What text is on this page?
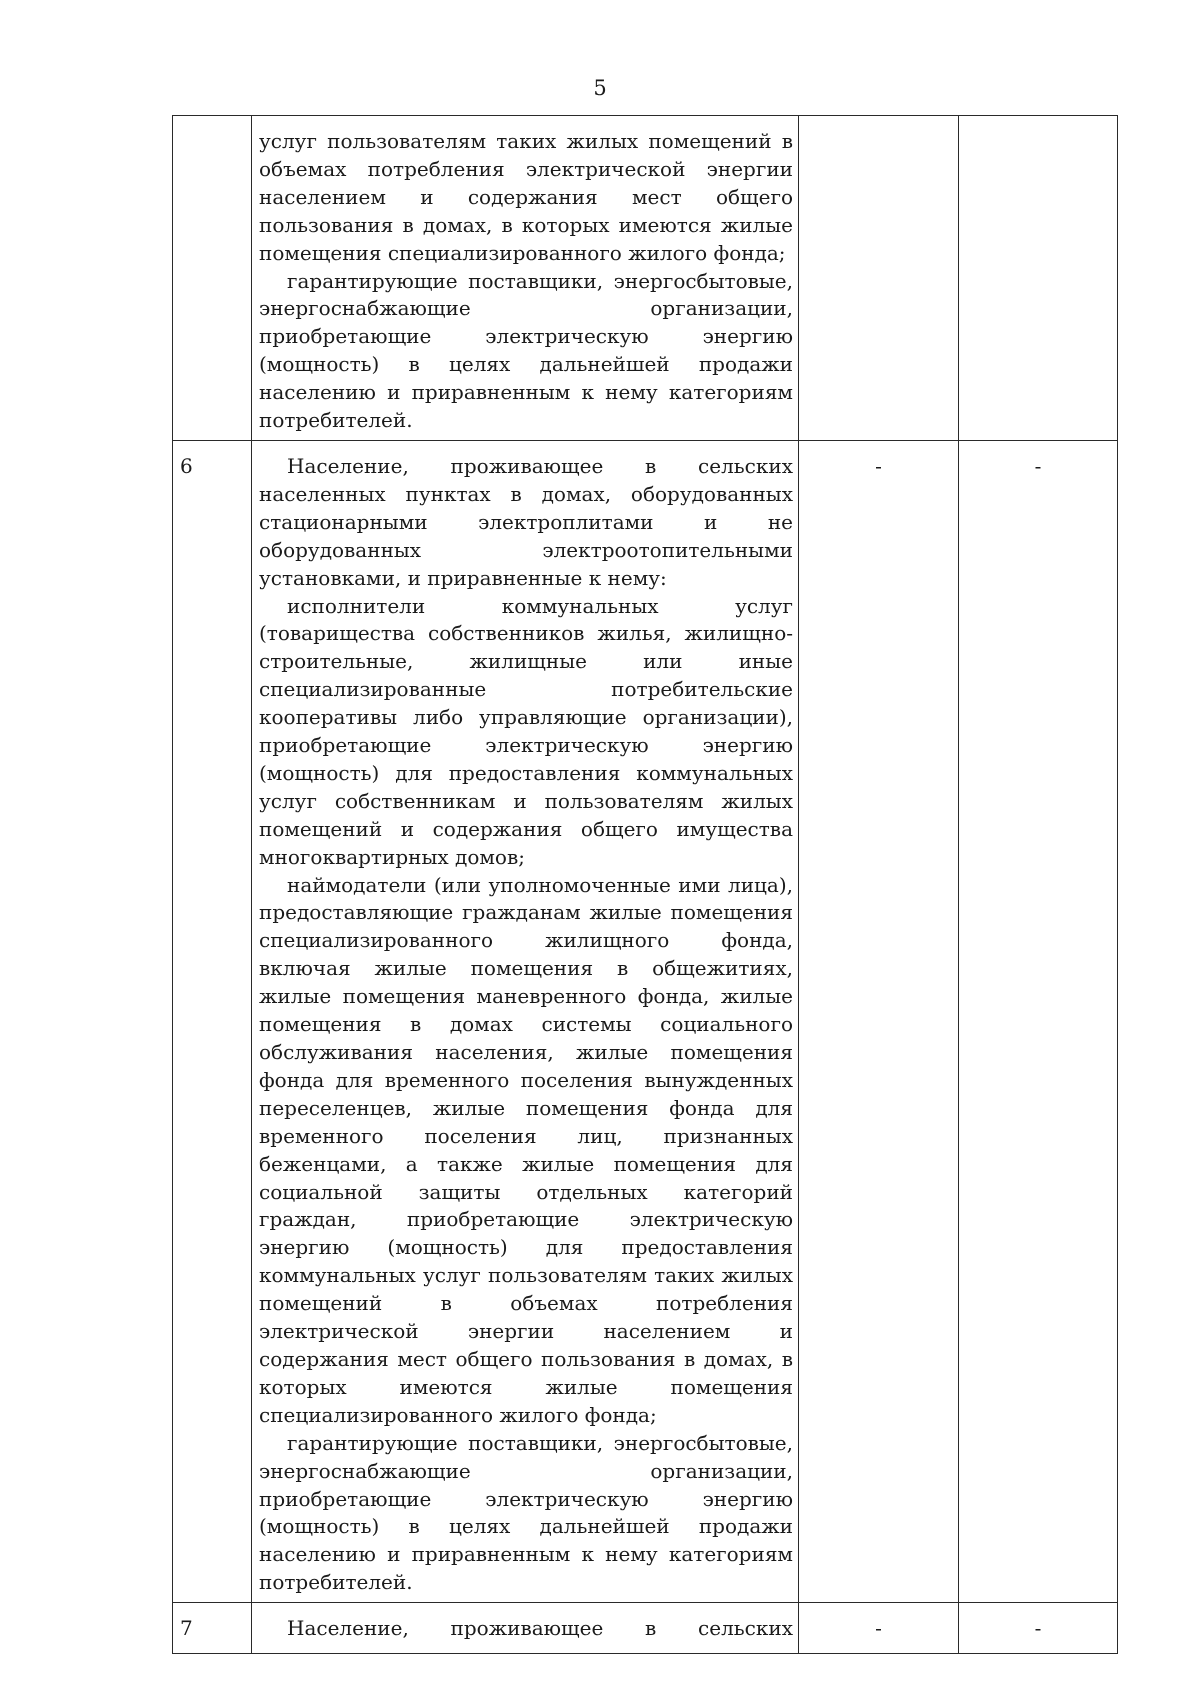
5

	услуг пользователям таких жилых помещений в объемах потребления электрической энергии населением и содержания мест общего пользования в домах, в которых имеются жилые помещения специализированного жилого фонда;

гарантирующие поставщики, энергосбытовые, энергоснабжающие организации, приобретающие электрическую энергию (мощность) в целях дальнейшей продажи населению и приравненным к нему категориям потребителей.		

6	Население, проживающее в сельских населенных пунктах в домах, оборудованных стационарными электроплитами и не оборудованных электроотопительными установками, и приравненные к нему:

исполнители коммунальных услуг (товарищества собственников жилья, жилищно-строительные, жилищные или иные специализированные потребительские кооперативы либо управляющие организации), приобретающие электрическую энергию (мощность) для предоставления коммунальных услуг собственникам и пользователям жилых помещений и содержания общего имущества многоквартирных домов;

наймодатели (или уполномоченные ими лица), предоставляющие гражданам жилые помещения специализированного жилищного фонда, включая жилые помещения в общежитиях, жилые помещения маневренного фонда, жилые помещения в домах системы социального обслуживания населения, жилые помещения фонда для временного поселения вынужденных переселенцев, жилые помещения фонда для временного поселения лиц, признанных беженцами, а также жилые помещения для социальной защиты отдельных категорий граждан, приобретающие электрическую энергию (мощность) для предоставления коммунальных услуг пользователям таких жилых помещений в объемах потребления электрической энергии населением и содержания мест общего пользования в домах, в которых имеются жилые помещения специализированного жилого фонда;

гарантирующие поставщики, энергосбытовые, энергоснабжающие организации, приобретающие электрическую энергию (мощность) в целях дальнейшей продажи населению и приравненным к нему категориям потребителей.	-	-
7	Население, проживающее в сельских	-	-
